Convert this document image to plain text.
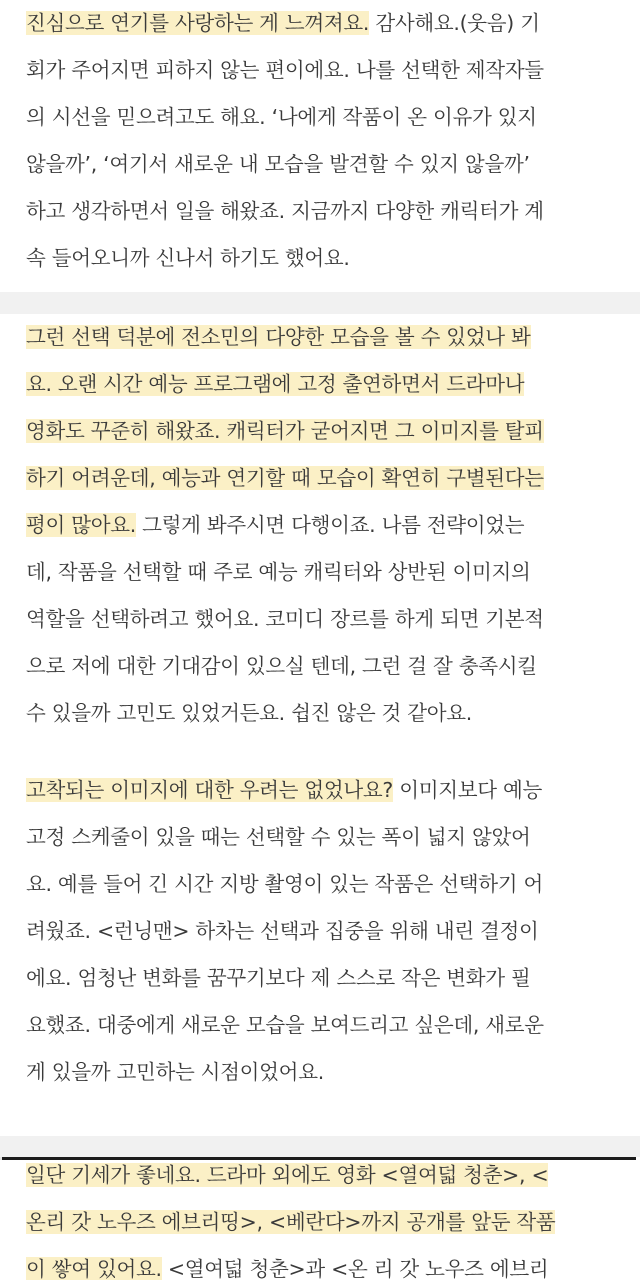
진심으로 연기를 사랑하는 게 느껴져요. 감사해요.(웃음) 기
회가 주어지면 피하지 않는 편이에요. 나를 선택한 제작자들
의 시선을 믿으려고도 해요. ‘나에게 작품이 온 이유가 있지
않을까’, ‘여기서 새로운 내 모습을 발견할 수 있지 않을까’
하고 생각하면서 일을 해왔죠. 지금까지 다양한 캐릭터가 계
속 들어오니까 신나서 하기도 했어요.
그런 선택 덕분에 전소민의 다양한 모습을 볼 수 있었나 봐
요. 오랜 시간 예능 프로그램에 고정 출연하면서 드라마나
영화도 꾸준히 해왔죠. 캐릭터가 굳어지면 그 이미지를 탈피
하기 어려운데, 예능과 연기할 때 모습이 확연히 구별된다는
평이 많아요. 그렇게 봐주시면 다행이죠. 나름 전략이었는
데, 작품을 선택할 때 주로 예능 캐릭터와 상반된 이미지의
역할을 선택하려고 했어요. 코미디 장르를 하게 되면 기본적
으로 저에 대한 기대감이 있으실 텐데, 그런 걸 잘 충족시킬
수 있을까 고민도 있었거든요. 쉽진 않은 것 같아요.
고착되는 이미지에 대한 우려는 없었나요? 이미지보다 예능
고정 스케줄이 있을 때는 선택할 수 있는 폭이 넓지 않았어
요. 예를 들어 긴 시간 지방 촬영이 있는 작품은 선택하기 어
려웠죠. <런닝맨> 하차는 선택과 집중을 위해 내린 결정이
에요. 엄청난 변화를 꿈꾸기보다 제 스스로 작은 변화가 필
요했죠. 대중에게 새로운 모습을 보여드리고 싶은데, 새로운
게 있을까 고민하는 시점이었어요.
일단 기세가 좋네요. 드라마 외에도 영화 <열여덟 청춘>, <
온리 갓 노우즈 에브리띵>, <베란다>까지 공개를 앞둔 작품
이 쌓여 있어요. <열여덟 청춘>과 <온 리 갓 노우즈 에브리
